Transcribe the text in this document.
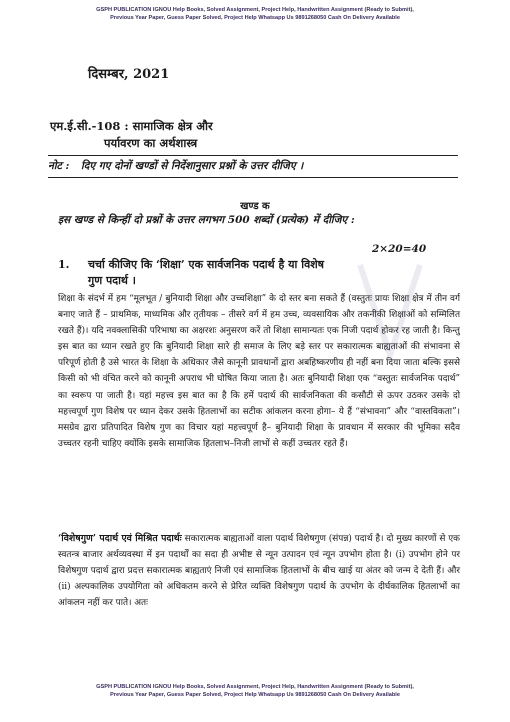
GSPH PUBLICATION IGNOU Help Books, Solved Assignment, Project Help, Handwritten Assignment (Ready to Submit),
Previous Year Paper, Guess Paper Solved, Project Help Whatsapp Us 9891268050 Cash On Delivery Available
दिसम्बर, 2021
एम.ई.सी.-108 : सामाजिक क्षेत्र और
पर्यावरण का अर्थशास्त्र
नोट : दिए गए दोनों खण्डों से निर्देशानुसार प्रश्नों के उत्तर दीजिए ।
खण्ड क
इस खण्ड से किन्हीं दो प्रश्नों के उत्तर लगभग 500 शब्दों (प्रत्येक) में दीजिए :
2×20=40
1. चर्चा कीजिए कि ‘शिक्षा’ एक सार्वजनिक पदार्थ है या विशेष
गुण पदार्थ ।
शिक्षा के संदर्भ में हम “मूलभूत / बुनियादी शिक्षा और उच्चशिक्षा” के दो स्तर बना सकते हैं (वस्तुतः प्रायः शिक्षा क्षेत्र में तीन वर्ग बनाए जाते हैं – प्राथमिक, माध्यमिक और तृतीयक – तीसरे वर्ग में हम उच्च, व्यवसायिक और तकनीकी शिक्षाओं को सम्मिलित रखते हैं)। यदि नवक्लासिकी परिभाषा का अक्षरशः अनुसरण करें तो शिक्षा सामान्यतः एक निजी पदार्थ होकर रह जाती है। किन्तु इस बात का ध्यान रखते हुए कि बुनियादी शिक्षा सारे ही समाज के लिए बड़े स्तर पर सकारात्मक बाह्यताओं की संभावना से परिपूर्ण होती है उसे भारत के शिक्षा के अधिकार जैसे कानूनी प्रावधानों द्वारा अबहिष्करणीय ही नहीं बना दिया जाता बल्कि इससे किसी को भी वंचित करने को कानूनी अपराध भी घोषित किया जाता है। अतः बुनियादी शिक्षा एक “वस्तुतः सार्वजनिक पदार्थ” का स्वरूप पा जाती है। यहां महत्त्व इस बात का है कि हमें पदार्थ की सार्वजनिकता की कसौटी से ऊपर उठकर उसके दो महत्त्वपूर्ण गुण विशेष पर ध्यान देकर उसके हितलाभों का सटीक आंकलन करना होगा– ये हैं “संभावना” और “वास्तविकता”। मसग्रेव द्वारा प्रतिपादित विशेष गुण का विचार यहां महत्त्वपूर्ण है– बुनियादी शिक्षा के प्रावधान में सरकार की भूमिका सदैव उच्चतर रहनी चाहिए क्योंकि इसके सामाजिक हितलाभ–निजी लाभों से कहीं उच्चतर रहते हैं।
‘विशेषगुण’ पदार्थ एवं मिश्रित पदार्थः सकारात्मक बाह्यताओं वाला पदार्थ विशेषगुण (संपन्न) पदार्थ है। दो मुख्य कारणों से एक स्वतन्त्र बाजार अर्थव्यवस्था में इन पदार्थों का सदा ही अभीष्ट से न्यून उत्पादन एवं न्यून उपभोग होता है। (i) उपभोग होने पर विशेषगुण पदार्थ द्वारा प्रदत्त सकारात्मक बाह्यताएं निजी एवं सामाजिक हितलाभों के बीच खाई या अंतर को जन्म दे देती हैं। और (ii) अल्पकालिक उपयोगिता को अधिकतम करने से प्रेरित व्यक्ति विशेषगुण पदार्थ के उपभोग के दीर्घकालिक हितलाभों का आंकलन नहीं कर पाते। अतः
GSPH PUBLICATION IGNOU Help Books, Solved Assignment, Project Help, Handwritten Assignment (Ready to Submit),
Previous Year Paper, Guess Paper Solved, Project Help Whatsapp Us 9891268050 Cash On Delivery Available
